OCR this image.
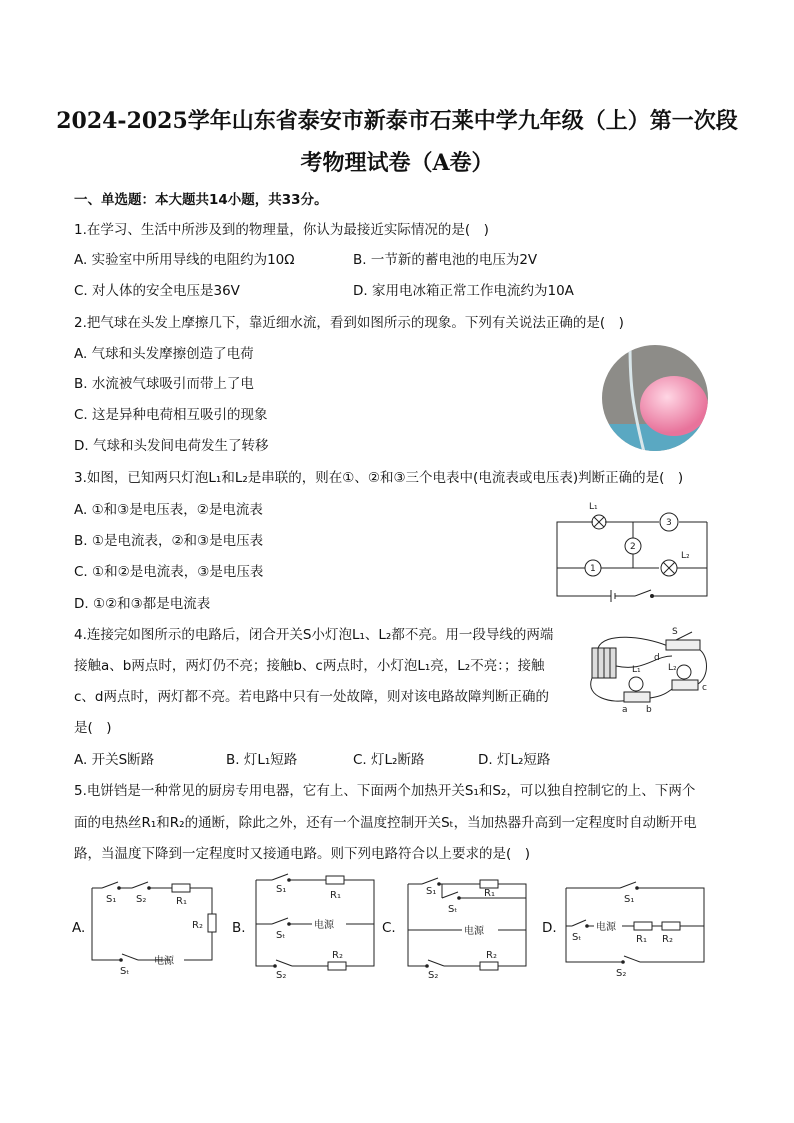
2024-2025学年山东省泰安市新泰市石莱中学九年级（上）第一次段
考物理试卷（A卷）
一、单选题：本大题共14小题，共33分。
1.在学习、生活中所涉及到的物理量，你认为最接近实际情况的是(　)
A. 实验室中所用导线的电阻约为10Ω	B. 一节新的蓄电池的电压为2V
C. 对人体的安全电压是36V	D. 家用电冰箱正常工作电流约为10A
2.把气球在头发上摩擦几下，靠近细水流，看到如图所示的现象。下列有关说法正确的是(　)
A. 气球和头发摩擦创造了电荷
B. 水流被气球吸引而带上了电
C. 这是异种电荷相互吸引的现象
D. 气球和头发间电荷发生了转移
3.如图，已知两只灯泡L₁和L₂是串联的，则在①、②和③三个电表中(电流表或电压表)判断正确的是(　)
A. ①和③是电压表，②是电流表
B. ①是电流表，②和③是电压表
C. ①和②是电流表，③是电压表
D. ①②和③都是电流表
L₁
L₂
3
2
1
4.连接完如图所示的电路后，闭合开关S小灯泡L₁、L₂都不亮。用一段导线的两端
接触a、b两点时，两灯仍不亮；接触b、c两点时，小灯泡L₁亮，L₂不亮：；接触
c、d两点时，两灯都不亮。若电路中只有一处故障，则对该电路故障判断正确的
是(　)
A. 开关S断路	B. 灯L₁短路	C. 灯L₂断路	D. 灯L₂短路
S
d
c
a b
L₁	L₂
5.电饼铛是一种常见的厨房专用电器，它有上、下面两个加热开关S₁和S₂，可以独自控制它的上、下两个
面的电热丝R₁和R₂的通断，除此之外，还有一个温度控制开关Sₜ，当加热器升高到一定程度时自动断开电
路，当温度下降到一定程度时又接通电路。则下列电路符合以上要求的是(　)
A.
S₁ S₂	R₁
R₂
Sₜ
电源
B.
S₁
R₁
Sₜ
电源
S₂
R₂
C.
S₁	R₁
Sₜ
电源
S₂
R₂
D.
S₁
Sₜ
电源
R₁ R₂
S₂
